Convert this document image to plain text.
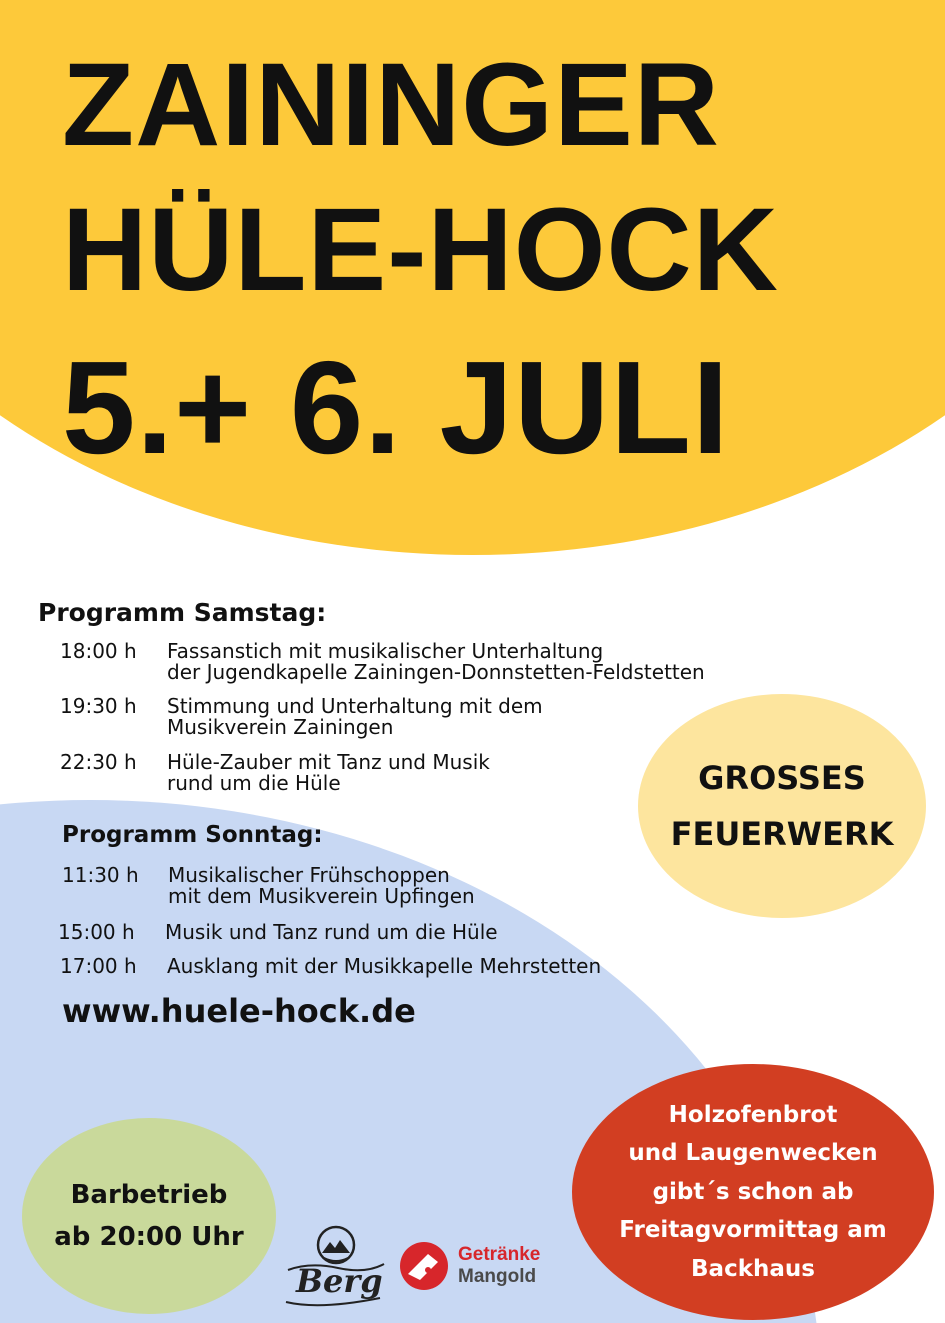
ZAININGER
HÜLE-HOCK
5.+ 6. JULI
Programm Samstag:
18:00 h Fassanstich mit musikalischer Unterhaltung
der Jugendkapelle Zainingen-Donnstetten-Feldstetten
19:30 h Stimmung und Unterhaltung mit dem
Musikverein Zainingen
22:30 h Hüle-Zauber mit Tanz und Musik
rund um die Hüle
Programm Sonntag:
11:30 h Musikalischer Frühschoppen
mit dem Musikverein Upfingen
15:00 h Musik und Tanz rund um die Hüle
17:00 h Ausklang mit der Musikkapelle Mehrstetten
www.huele-hock.de
GROSSES
FEUERWERK
Barbetrieb
ab 20:00 Uhr
Holzofenbrot
und Laugenwecken
gibt´s schon ab
Freitagvormittag am
Backhaus
Berg
Getränke
Mangold
